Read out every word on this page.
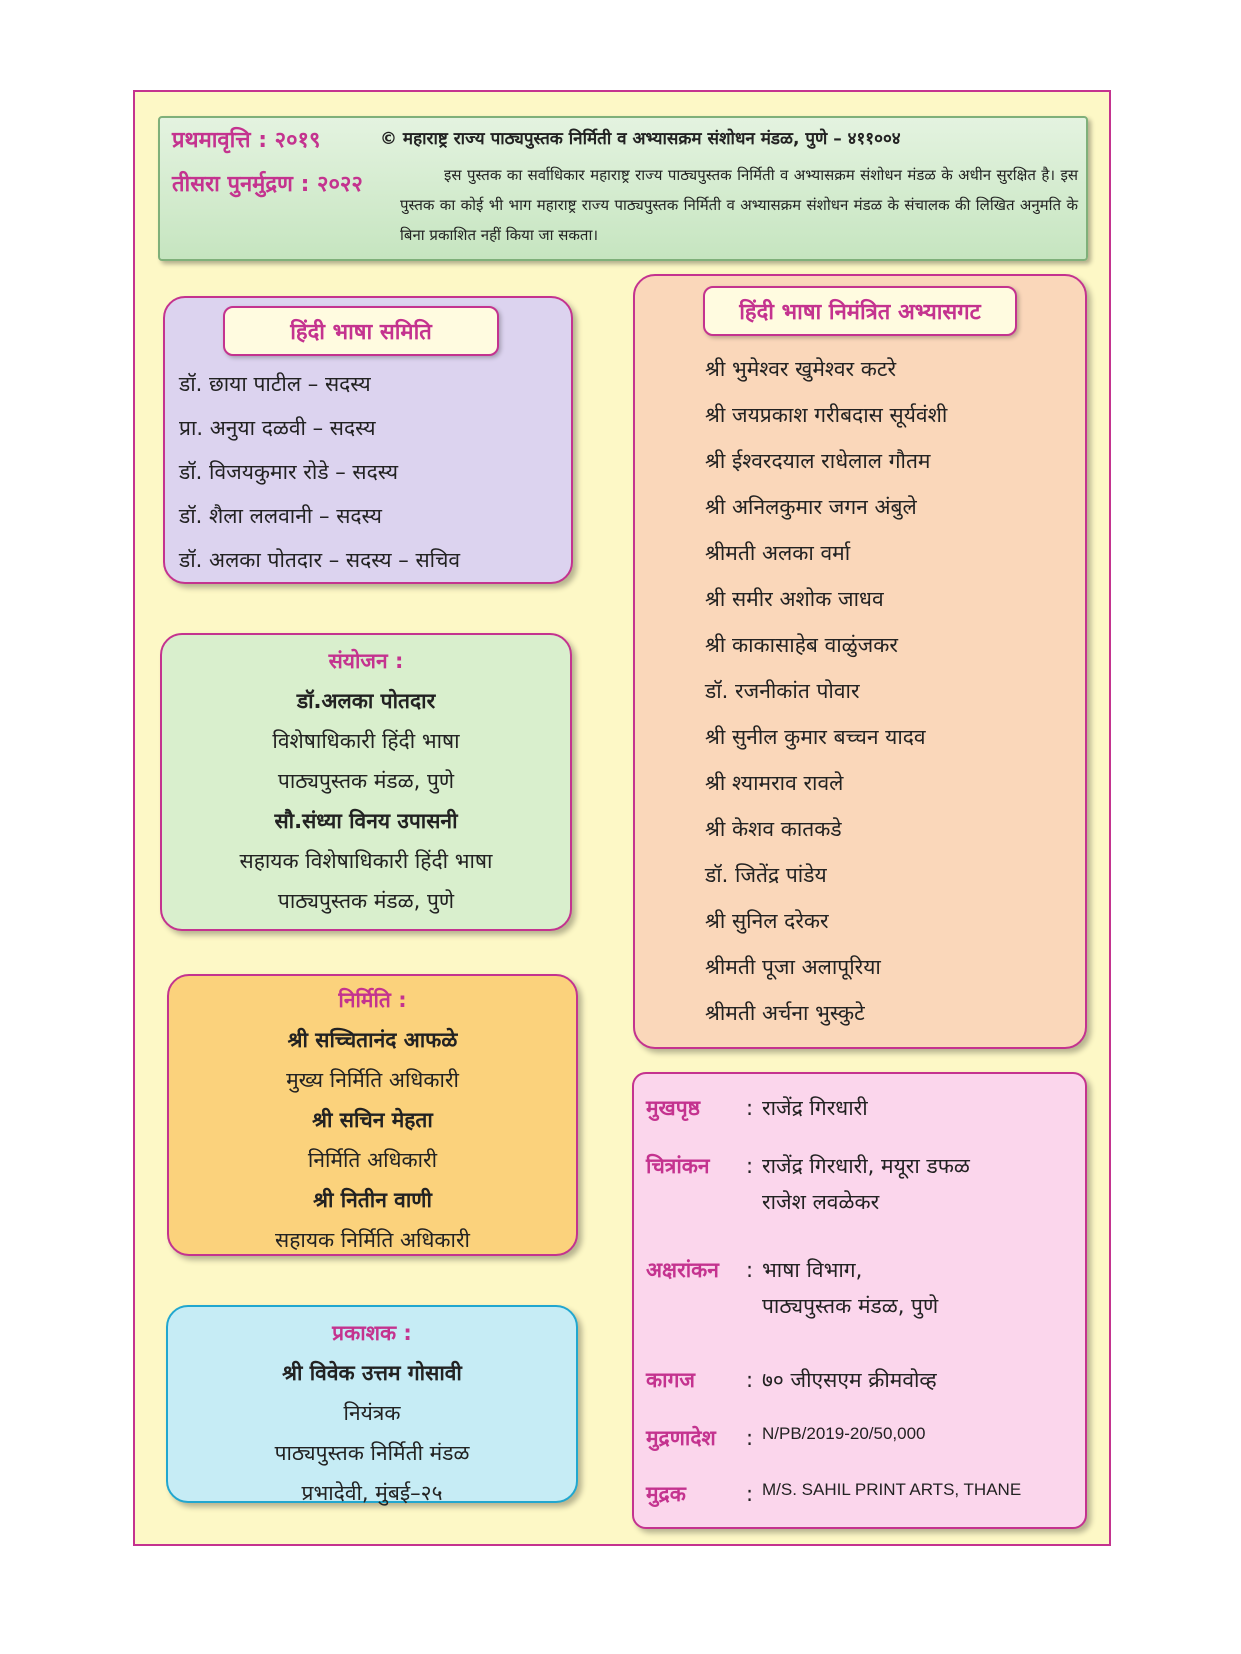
प्रथमावृत्ति : २०१९
तीसरा पुनर्मुद्रण : २०२२
© महाराष्ट्र राज्य पाठ्यपुस्तक निर्मिती व अभ्यासक्रम संशोधन मंडळ, पुणे – ४११००४
इस पुस्तक का सर्वाधिकार महाराष्ट्र राज्य पाठ्यपुस्तक निर्मिती व अभ्यासक्रम संशोधन मंडळ के अधीन सुरक्षित है। इस पुस्तक का कोई भी भाग महाराष्ट्र राज्य पाठ्यपुस्तक निर्मिती व अभ्यासक्रम संशोधन मंडळ के संचालक की लिखित अनुमति के बिना प्रकाशित नहीं किया जा सकता।
हिंदी भाषा समिति
डॉ. छाया पाटील – सदस्य
प्रा. अनुया दळवी – सदस्य
डॉ. विजयकुमार रोडे – सदस्य
डॉ. शैला ललवानी – सदस्य
डॉ. अलका पोतदार – सदस्य – सचिव
संयोजन :
डॉ.अलका पोतदार
विशेषाधिकारी हिंदी भाषा
पाठ्यपुस्तक मंडळ, पुणे
सौ.संध्या विनय उपासनी
सहायक विशेषाधिकारी हिंदी भाषा
पाठ्यपुस्तक मंडळ, पुणे
निर्मिति :
श्री सच्चितानंद आफळे
मुख्य निर्मिति अधिकारी
श्री सचिन मेहता
निर्मिति अधिकारी
श्री नितीन वाणी
सहायक निर्मिति अधिकारी
प्रकाशक :
श्री विवेक उत्तम गोसावी
नियंत्रक
पाठ्यपुस्तक निर्मिती मंडळ
प्रभादेवी, मुंबई–२५
हिंदी भाषा निमंत्रित अभ्यासगट
श्री भुमेश्वर खुमेश्वर कटरे
श्री जयप्रकाश गरीबदास सूर्यवंशी
श्री ईश्वरदयाल राधेलाल गौतम
श्री अनिलकुमार जगन अंबुले
श्रीमती अलका वर्मा
श्री समीर अशोक जाधव
श्री काकासाहेब वाळुंजकर
डॉ. रजनीकांत पोवार
श्री सुनील कुमार बच्चन यादव
श्री श्यामराव रावले
श्री केशव कातकडे
डॉ. जितेंद्र पांडेय
श्री सुनिल दरेकर
श्रीमती पूजा अलापूरिया
श्रीमती अर्चना भुस्कुटे
मुखपृष्ठ : राजेंद्र गिरधारी
चित्रांकन : राजेंद्र गिरधारी, मयूरा डफळ
राजेश लवळेकर
अक्षरांकन : भाषा विभाग,
पाठ्यपुस्तक मंडळ, पुणे
कागज : ७० जीएसएम क्रीमवोव्ह
मुद्रणादेश : N/PB/2019-20/50,000
मुद्रक	: M/S. SAHIL PRINT ARTS, THANE
